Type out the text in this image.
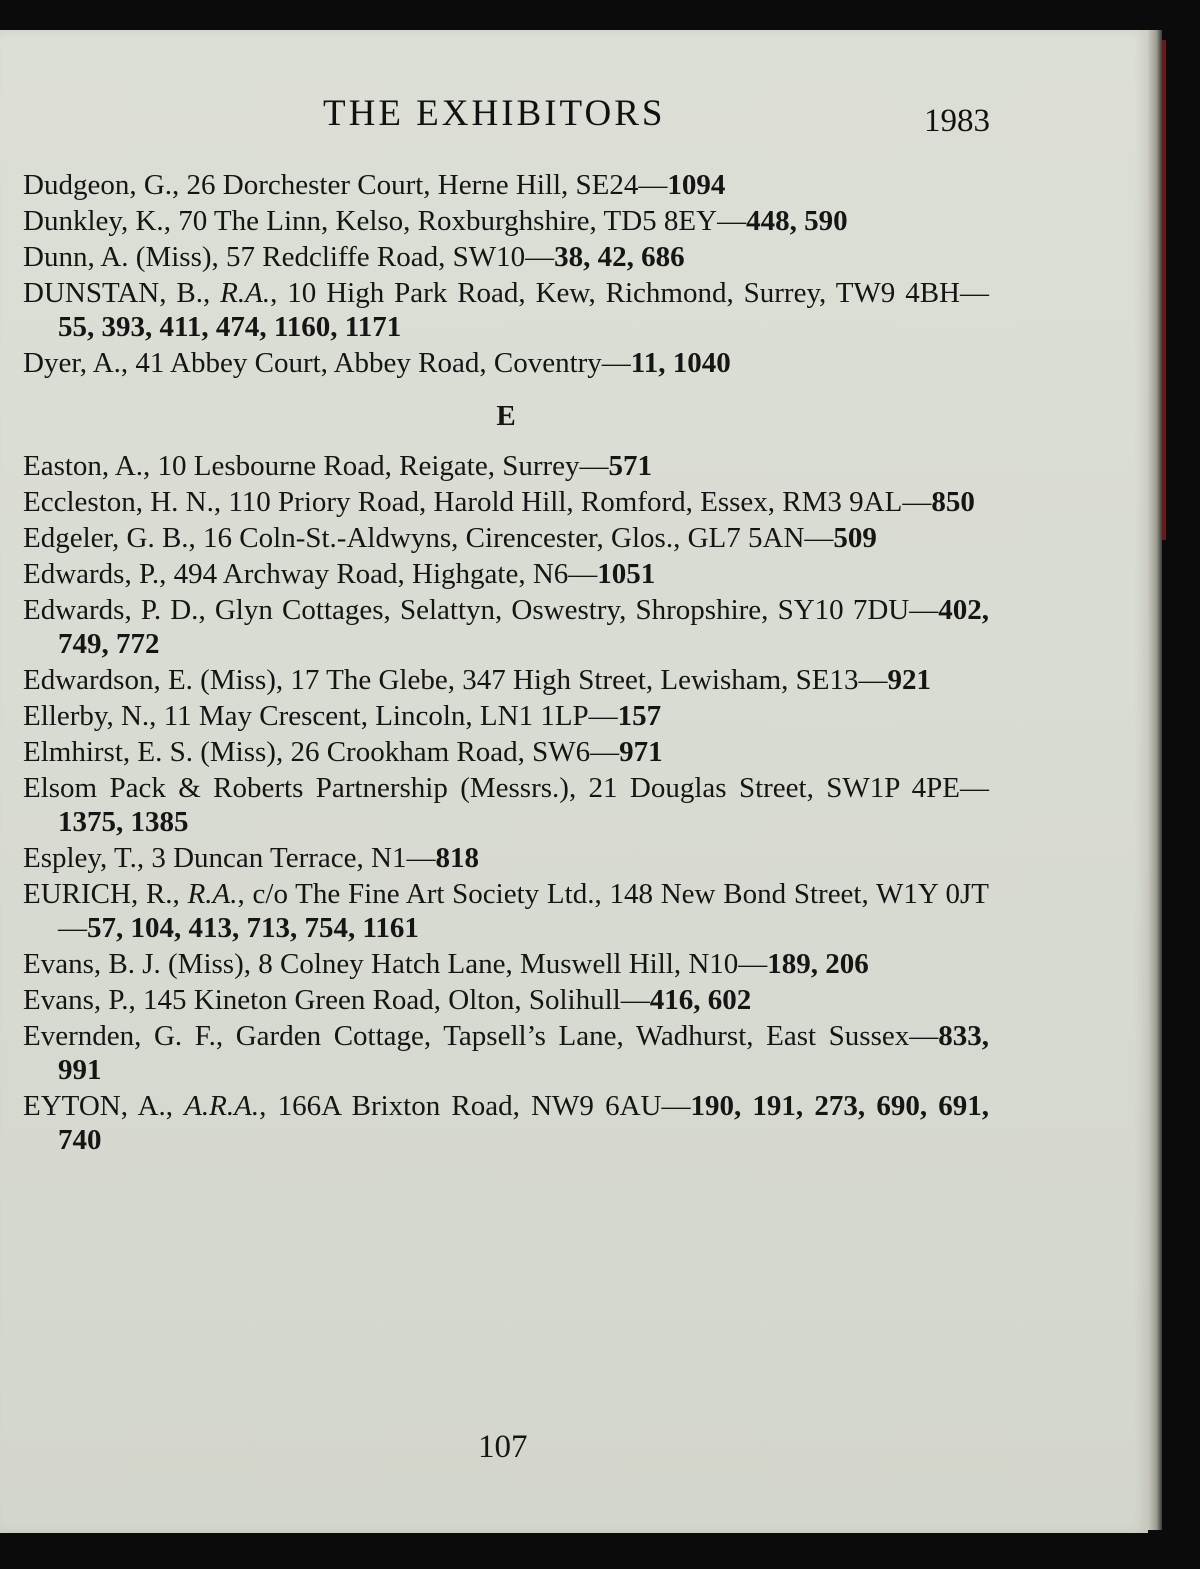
THE EXHIBITORS	1983
Dudgeon, G., 26 Dorchester Court, Herne Hill, SE24—1094
Dunkley, K., 70 The Linn, Kelso, Roxburghshire, TD5 8EY—448, 590
Dunn, A. (Miss), 57 Redcliffe Road, SW10—38, 42, 686
DUNSTAN, B., R.A., 10 High Park Road, Kew, Richmond, Surrey, TW9 4BH—55, 393, 411, 474, 1160, 1171
Dyer, A., 41 Abbey Court, Abbey Road, Coventry—11, 1040
E
Easton, A., 10 Lesbourne Road, Reigate, Surrey—571
Eccleston, H. N., 110 Priory Road, Harold Hill, Romford, Essex, RM3 9AL—850
Edgeler, G. B., 16 Coln-St.-Aldwyns, Cirencester, Glos., GL7 5AN—509
Edwards, P., 494 Archway Road, Highgate, N6—1051
Edwards, P. D., Glyn Cottages, Selattyn, Oswestry, Shropshire, SY10 7DU—402, 749, 772
Edwardson, E. (Miss), 17 The Glebe, 347 High Street, Lewisham, SE13—921
Ellerby, N., 11 May Crescent, Lincoln, LN1 1LP—157
Elmhirst, E. S. (Miss), 26 Crookham Road, SW6—971
Elsom Pack & Roberts Partnership (Messrs.), 21 Douglas Street, SW1P 4PE—1375, 1385
Espley, T., 3 Duncan Terrace, N1—818
EURICH, R., R.A., c/o The Fine Art Society Ltd., 148 New Bond Street, W1Y 0JT—57, 104, 413, 713, 754, 1161
Evans, B. J. (Miss), 8 Colney Hatch Lane, Muswell Hill, N10—189, 206
Evans, P., 145 Kineton Green Road, Olton, Solihull—416, 602
Evernden, G. F., Garden Cottage, Tapsell’s Lane, Wadhurst, East Sussex—833, 991
EYTON, A., A.R.A., 166A Brixton Road, NW9 6AU—190, 191, 273, 690, 691, 740
107
